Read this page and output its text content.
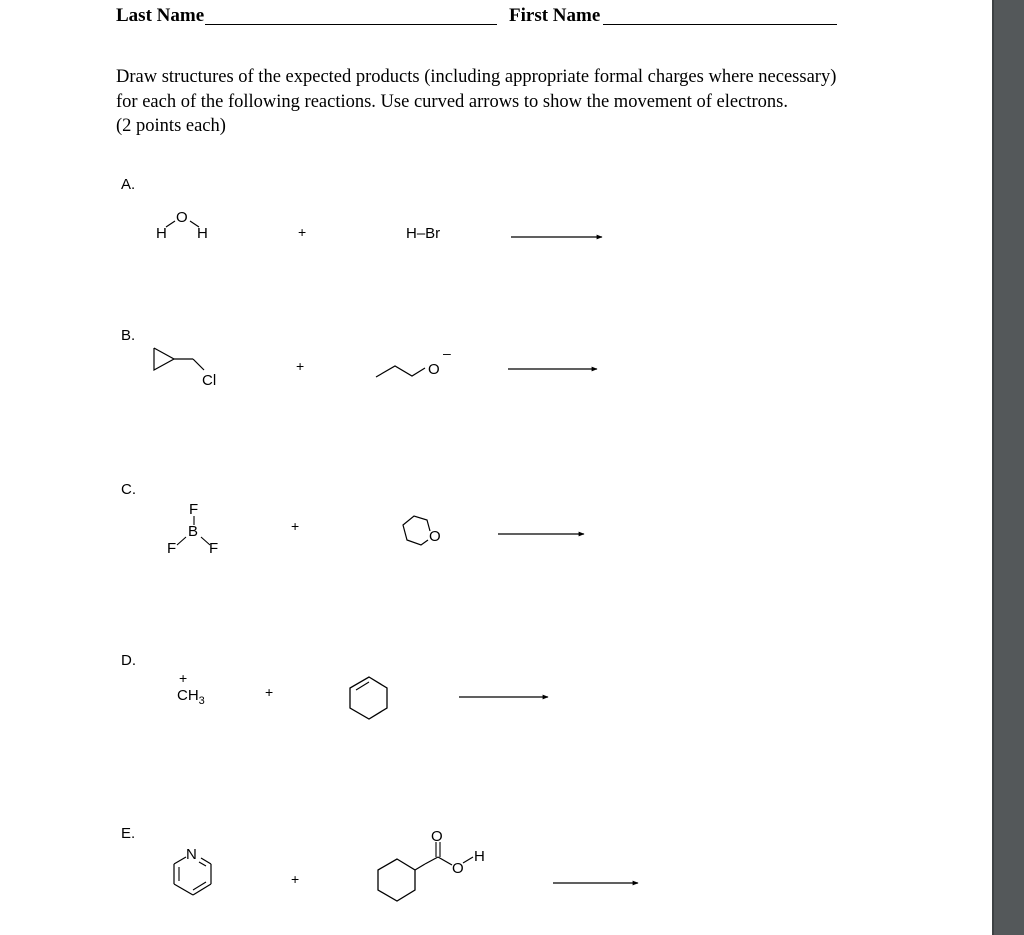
Last Name	First Name
Draw structures of the expected products (including appropriate formal charges where necessary)
for each of the following reactions. Use curved arrows to show the movement of electrons.
(2 points each)
A.
B.
C.
D.
E.
+
+
+
+
+
H–Br
+
$CH_3$
H
O
H
Cl
O
–
F
B
F F
O
N
O
O
H
